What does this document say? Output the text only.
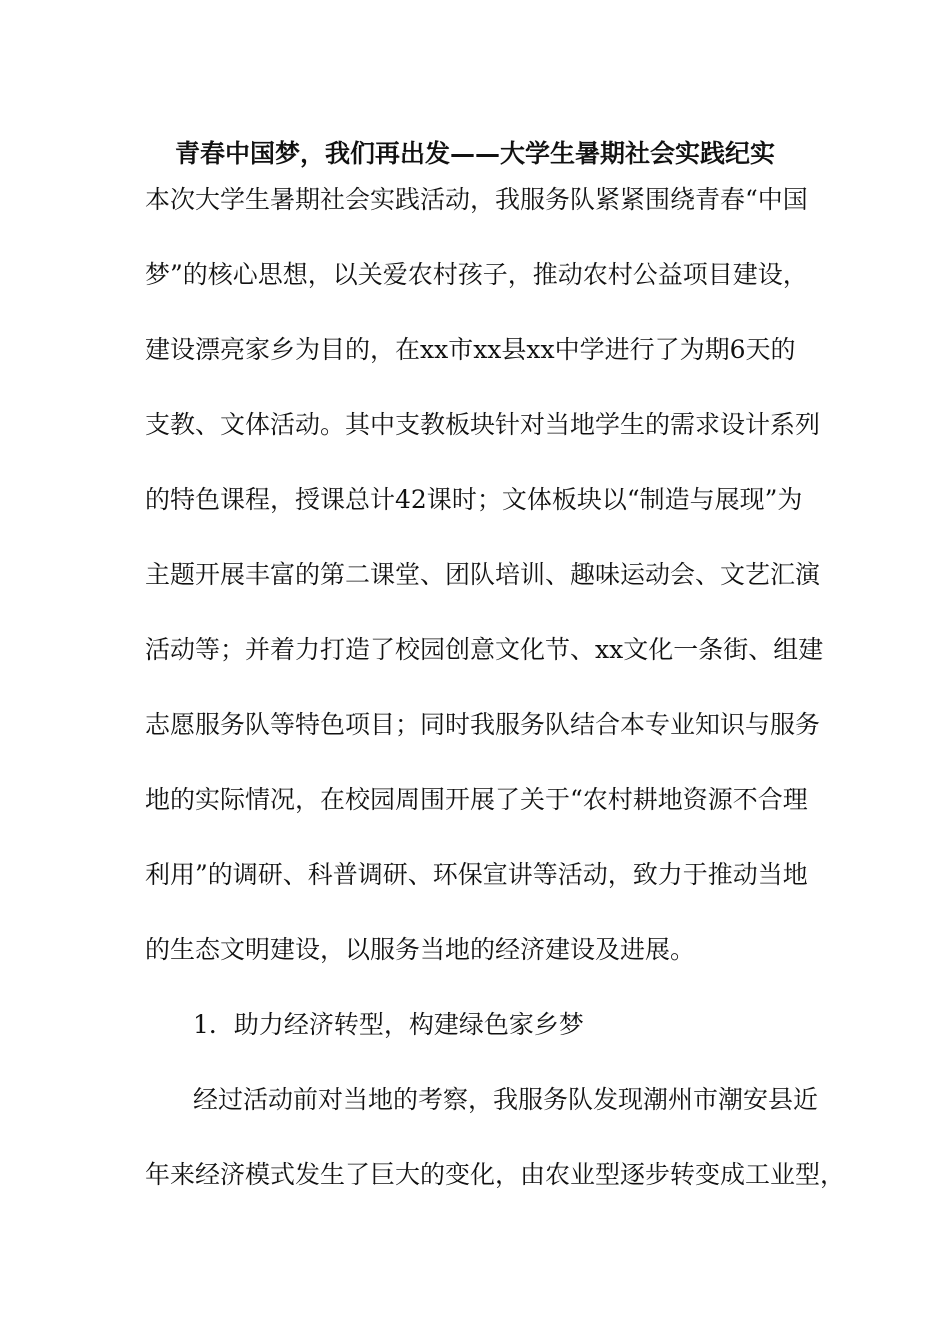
青春中国梦，我们再出发——大学生暑期社会实践纪实
本次大学生暑期社会实践活动，我服务队紧紧围绕青春“中国
梦”的核心思想，以关爱农村孩子，推动农村公益项目建设，
建设漂亮家乡为目的，在xx市xx县xx中学进行了为期6天的
支教、文体活动。其中支教板块针对当地学生的需求设计系列
的特色课程，授课总计42课时；文体板块以“制造与展现”为
主题开展丰富的第二课堂、团队培训、趣味运动会、文艺汇演
活动等；并着力打造了校园创意文化节、xx文化一条街、组建
志愿服务队等特色项目；同时我服务队结合本专业知识与服务
地的实际情况，在校园周围开展了关于“农村耕地资源不合理
利用”的调研、科普调研、环保宣讲等活动，致力于推动当地
的生态文明建设，以服务当地的经济建设及进展。
1．助力经济转型，构建绿色家乡梦
经过活动前对当地的考察，我服务队发现潮州市潮安县近
年来经济模式发生了巨大的变化，由农业型逐步转变成工业型，
